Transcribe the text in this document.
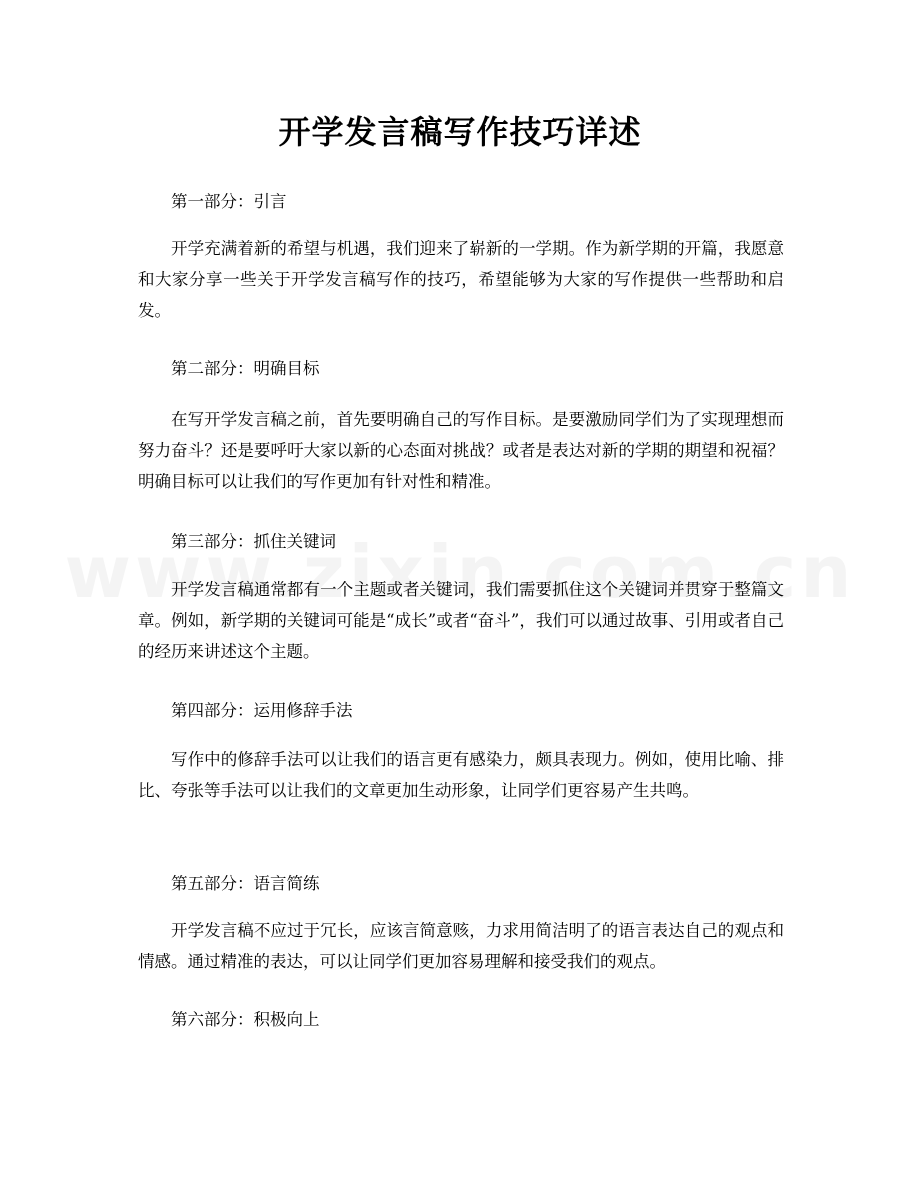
开学发言稿写作技巧详述
第一部分：引言
开学充满着新的希望与机遇，我们迎来了崭新的一学期。作为新学期的开篇，我愿意和大家分享一些关于开学发言稿写作的技巧，希望能够为大家的写作提供一些帮助和启发。
第二部分：明确目标
在写开学发言稿之前，首先要明确自己的写作目标。是要激励同学们为了实现理想而努力奋斗？还是要呼吁大家以新的心态面对挑战？或者是表达对新的学期的期望和祝福？明确目标可以让我们的写作更加有针对性和精准。
第三部分：抓住关键词
开学发言稿通常都有一个主题或者关键词，我们需要抓住这个关键词并贯穿于整篇文章。例如，新学期的关键词可能是“成长”或者“奋斗”，我们可以通过故事、引用或者自己的经历来讲述这个主题。
第四部分：运用修辞手法
写作中的修辞手法可以让我们的语言更有感染力，颇具表现力。例如，使用比喻、排比、夸张等手法可以让我们的文章更加生动形象，让同学们更容易产生共鸣。
第五部分：语言简练
开学发言稿不应过于冗长，应该言简意赅，力求用简洁明了的语言表达自己的观点和情感。通过精准的表达，可以让同学们更加容易理解和接受我们的观点。
第六部分：积极向上
